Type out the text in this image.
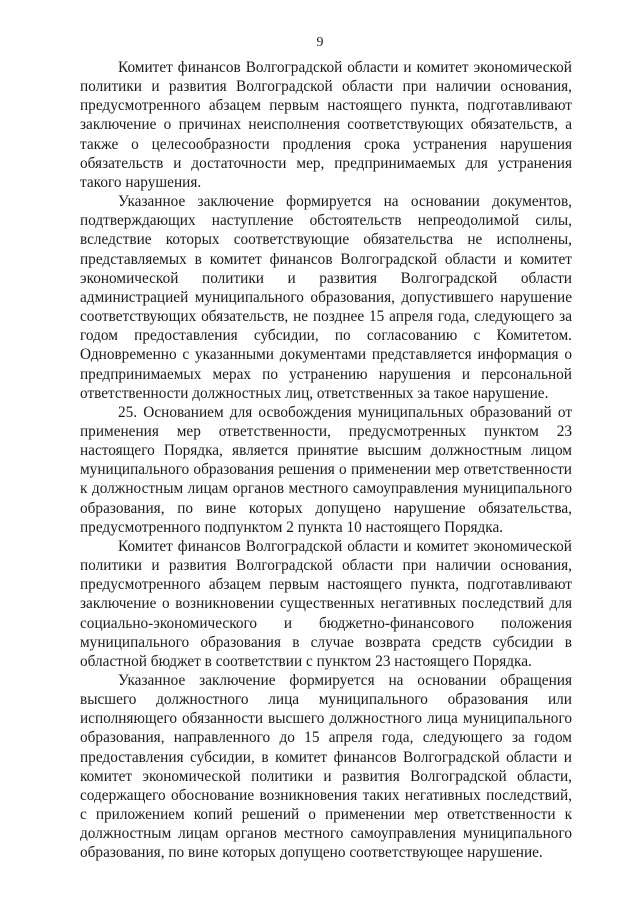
9

Комитет финансов Волгоградской области и комитет экономической политики и развития Волгоградской области при наличии основания, предусмотренного абзацем первым настоящего пункта, подготавливают заключение о причинах неисполнения соответствующих обязательств, а также о целесообразности продления срока устранения нарушения обязательств и достаточности мер, предпринимаемых для устранения такого нарушения.

Указанное заключение формируется на основании документов, подтверждающих наступление обстоятельств непреодолимой силы, вследствие которых соответствующие обязательства не исполнены, представляемых в комитет финансов Волгоградской области и комитет экономической политики и развития Волгоградской области администрацией муниципального образования, допустившего нарушение соответствующих обязательств, не позднее 15 апреля года, следующего за годом предоставления субсидии, по согласованию с Комитетом. Одновременно с указанными документами представляется информация о предпринимаемых мерах по устранению нарушения и персональной ответственности должностных лиц, ответственных за такое нарушение.

25. Основанием для освобождения муниципальных образований от применения мер ответственности, предусмотренных пунктом 23 настоящего Порядка, является принятие высшим должностным лицом муниципального образования решения о применении мер ответственности к должностным лицам органов местного самоуправления муниципального образования, по вине которых допущено нарушение обязательства, предусмотренного подпунктом 2 пункта 10 настоящего Порядка.

Комитет финансов Волгоградской области и комитет экономической политики и развития Волгоградской области при наличии основания, предусмотренного абзацем первым настоящего пункта, подготавливают заключение о возникновении существенных негативных последствий для социально-экономического и бюджетно-финансового положения муниципального образования в случае возврата средств субсидии в областной бюджет в соответствии с пунктом 23 настоящего Порядка.

Указанное заключение формируется на основании обращения высшего должностного лица муниципального образования или исполняющего обязанности высшего должностного лица муниципального образования, направленного до 15 апреля года, следующего за годом предоставления субсидии, в комитет финансов Волгоградской области и комитет экономической политики и развития Волгоградской области, содержащего обоснование возникновения таких негативных последствий, с приложением копий решений о применении мер ответственности к должностным лицам органов местного самоуправления муниципального образования, по вине которых допущено соответствующее нарушение.
